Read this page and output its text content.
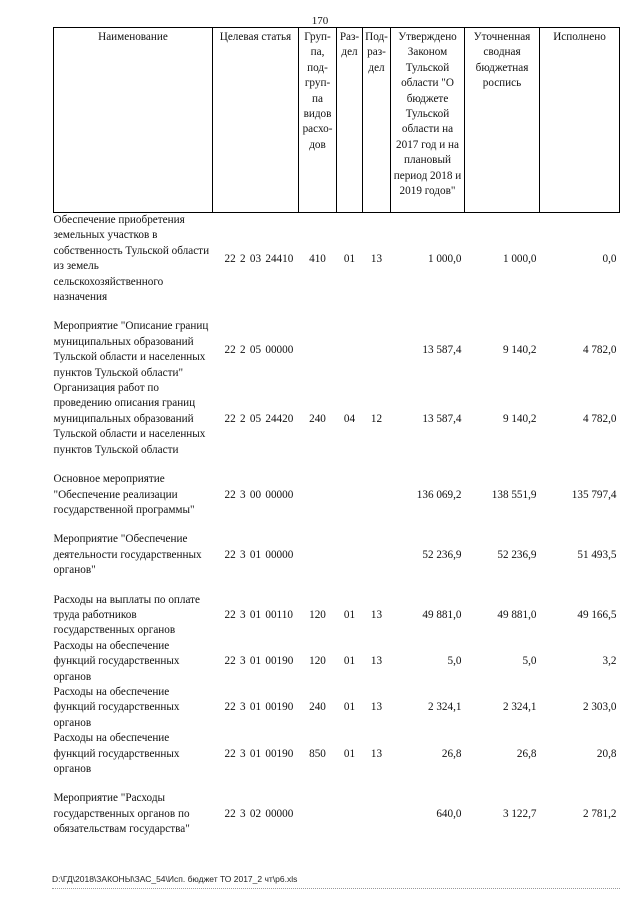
170
Наименование	Целевая статья	Груп-па, под-груп-па видов расхо-дов	Раз-дел	Под-раз-дел	Утверждено Законом Тульской области "О бюджете Тульской области на 2017 год и на плановый период 2018 и 2019 годов"	Уточненная сводная бюджетная роспись	Исполнено
Обеспечение приобретения земельных участков в собственность Тульской области из земель сельскохозяйственного назначения	22 2 03 24410	410	01	13	1 000,0	1 000,0	0,0

Мероприятие "Описание границ муниципальных образований Тульской области и населенных пунктов Тульской области"	22 2 05 00000				13 587,4	9 140,2	4 782,0
Организация работ по проведению описания границ муниципальных образований Тульской области и населенных пунктов Тульской области	22 2 05 24420	240	04	12	13 587,4	9 140,2	4 782,0

Основное мероприятие "Обеспечение реализации государственной программы"	22 3 00 00000				136 069,2	138 551,9	135 797,4

Мероприятие "Обеспечение деятельности государственных органов"	22 3 01 00000				52 236,9	52 236,9	51 493,5

Расходы на выплаты по оплате труда работников государственных органов	22 3 01 00110	120	01	13	49 881,0	49 881,0	49 166,5
Расходы на обеспечение функций государственных органов	22 3 01 00190	120	01	13	5,0	5,0	3,2
Расходы на обеспечение функций государственных органов	22 3 01 00190	240	01	13	2 324,1	2 324,1	2 303,0
Расходы на обеспечение функций государственных органов	22 3 01 00190	850	01	13	26,8	26,8	20,8

Мероприятие "Расходы государственных органов по обязательствам государства"	22 3 02 00000				640,0	3 122,7	2 781,2
D:\ГД\2018\ЗАКОНЫ\ЗАС_54\Исп. бюджет ТО 2017_2 чт\р6.xls
